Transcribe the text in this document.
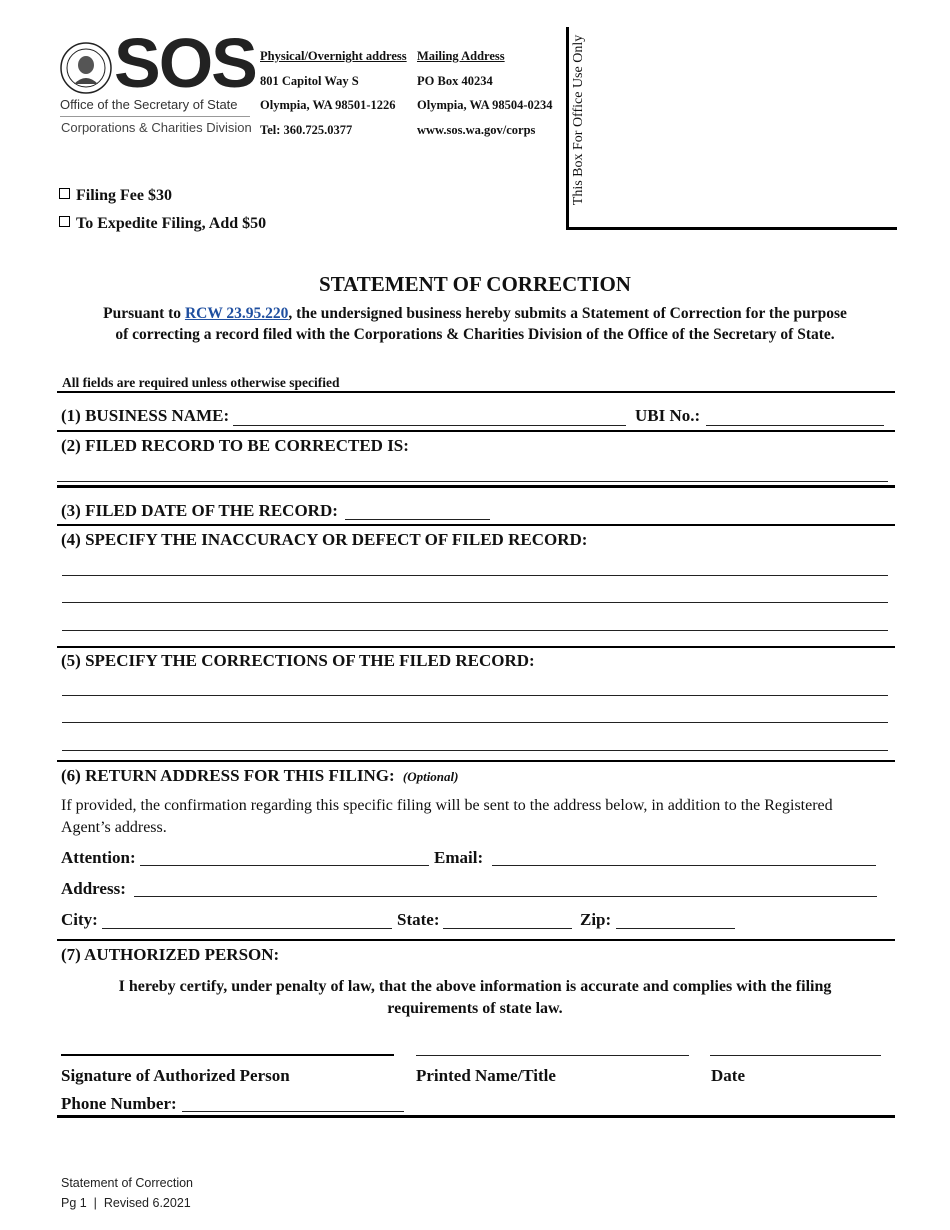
SOS
Office of the Secretary of State
Corporations & Charities Division
Physical/Overnight address
801 Capitol Way S
Olympia, WA 98501-1226
Tel: 360.725.0377
Mailing Address
PO Box 40234
Olympia, WA 98504-0234
www.sos.wa.gov/corps	This Box For Office Use Only
Filing Fee $30
To Expedite Filing, Add $50
STATEMENT OF CORRECTION
Pursuant to RCW 23.95.220, the undersigned business hereby submits a Statement of Correction for the purpose
of correcting a record filed with the Corporations & Charities Division of the Office of the Secretary of State.
All fields are required unless otherwise specified
(1) BUSINESS NAME:	UBI No.:
(2) FILED RECORD TO BE CORRECTED IS:
(3) FILED DATE OF THE RECORD:
(4) SPECIFY THE INACCURACY OR DEFECT OF FILED RECORD:
(5) SPECIFY THE CORRECTIONS OF THE FILED RECORD:
(6) RETURN ADDRESS FOR THIS FILING: (Optional)
If provided, the confirmation regarding this specific filing will be sent to the address below, in addition to the Registered
Agent’s address.
Attention:	Email:
Address:
City:	State:	Zip:
(7) AUTHORIZED PERSON:
I hereby certify, under penalty of law, that the above information is accurate and complies with the filing
requirements of state law.
Signature of Authorized Person	Printed Name/Title	Date
Phone Number:
Statement of Correction
Pg 1  |  Revised 6.2021
